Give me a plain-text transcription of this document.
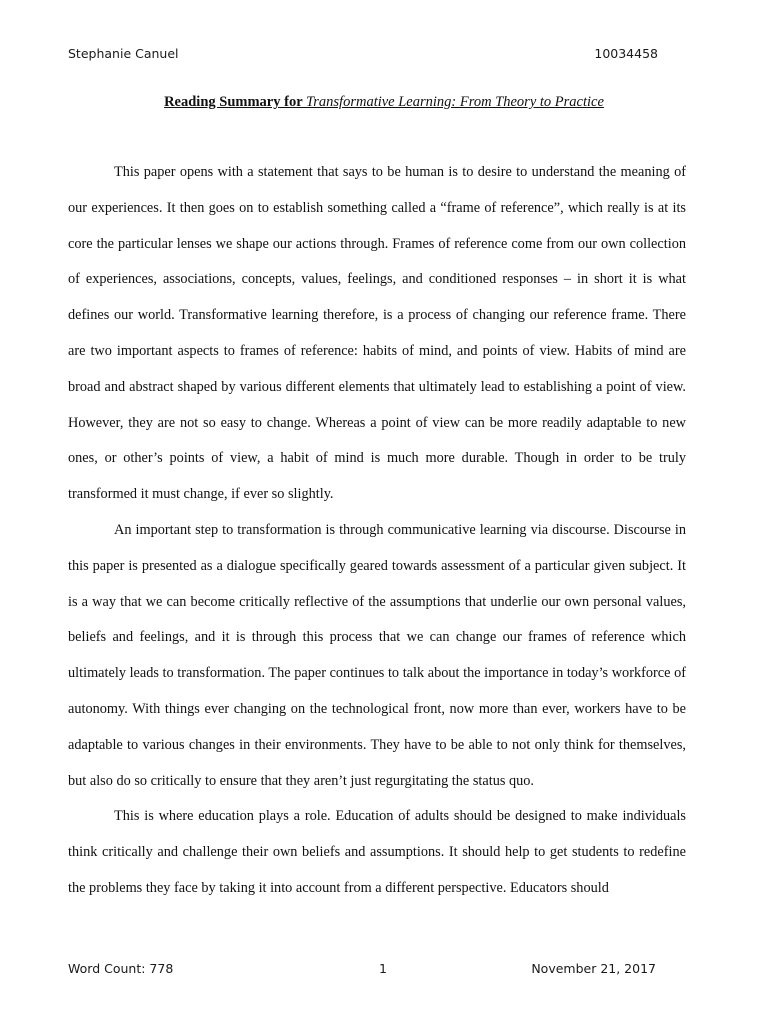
Stephanie Canuel	10034458
Reading Summary for Transformative Learning: From Theory to Practice

This paper opens with a statement that says to be human is to desire to understand the meaning of our experiences. It then goes on to establish something called a “frame of reference”, which really is at its core the particular lenses we shape our actions through. Frames of reference come from our own collection of experiences, associations, concepts, values, feelings, and conditioned responses – in short it is what defines our world. Transformative learning therefore, is a process of changing our reference frame. There are two important aspects to frames of reference: habits of mind, and points of view. Habits of mind are broad and abstract shaped by various different elements that ultimately lead to establishing a point of view. However, they are not so easy to change. Whereas a point of view can be more readily adaptable to new ones, or other’s points of view, a habit of mind is much more durable. Though in order to be truly transformed it must change, if ever so slightly.

An important step to transformation is through communicative learning via discourse. Discourse in this paper is presented as a dialogue specifically geared towards assessment of a particular given subject. It is a way that we can become critically reflective of the assumptions that underlie our own personal values, beliefs and feelings, and it is through this process that we can change our frames of reference which ultimately leads to transformation. The paper continues to talk about the importance in today’s workforce of autonomy. With things ever changing on the technological front, now more than ever, workers have to be adaptable to various changes in their environments. They have to be able to not only think for themselves, but also do so critically to ensure that they aren’t just regurgitating the status quo.

This is where education plays a role. Education of adults should be designed to make individuals think critically and challenge their own beliefs and assumptions. It should help to get students to redefine the problems they face by taking it into account from a different perspective. Educators should

Word Count: 778	1	November 21, 2017
